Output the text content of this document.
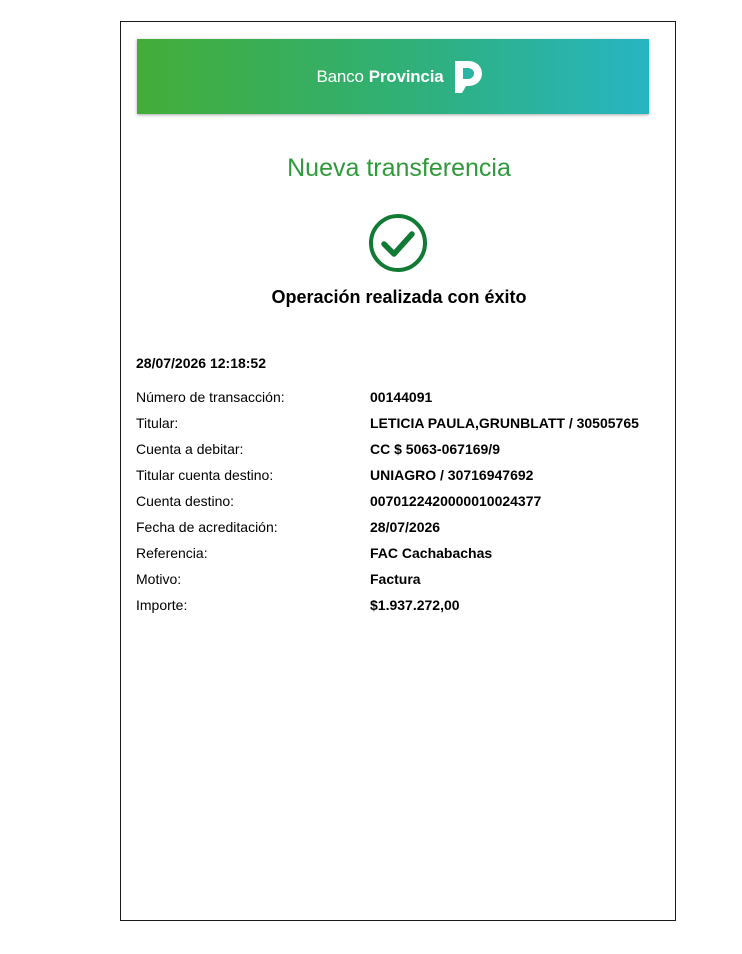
Banco Provincia
Nueva transferencia
Operación realizada con éxito
28/07/2026 12:18:52
Número de transacción:	00144091
Titular:	LETICIA PAULA,GRUNBLATT / 30505765
Cuenta a debitar:	CC $ 5063-067169/9
Titular cuenta destino:	UNIAGRO / 30716947692
Cuenta destino:	0070122420000010024377
Fecha de acreditación:	28/07/2026
Referencia:	FAC Cachabachas
Motivo:	Factura
Importe:	$1.937.272,00
